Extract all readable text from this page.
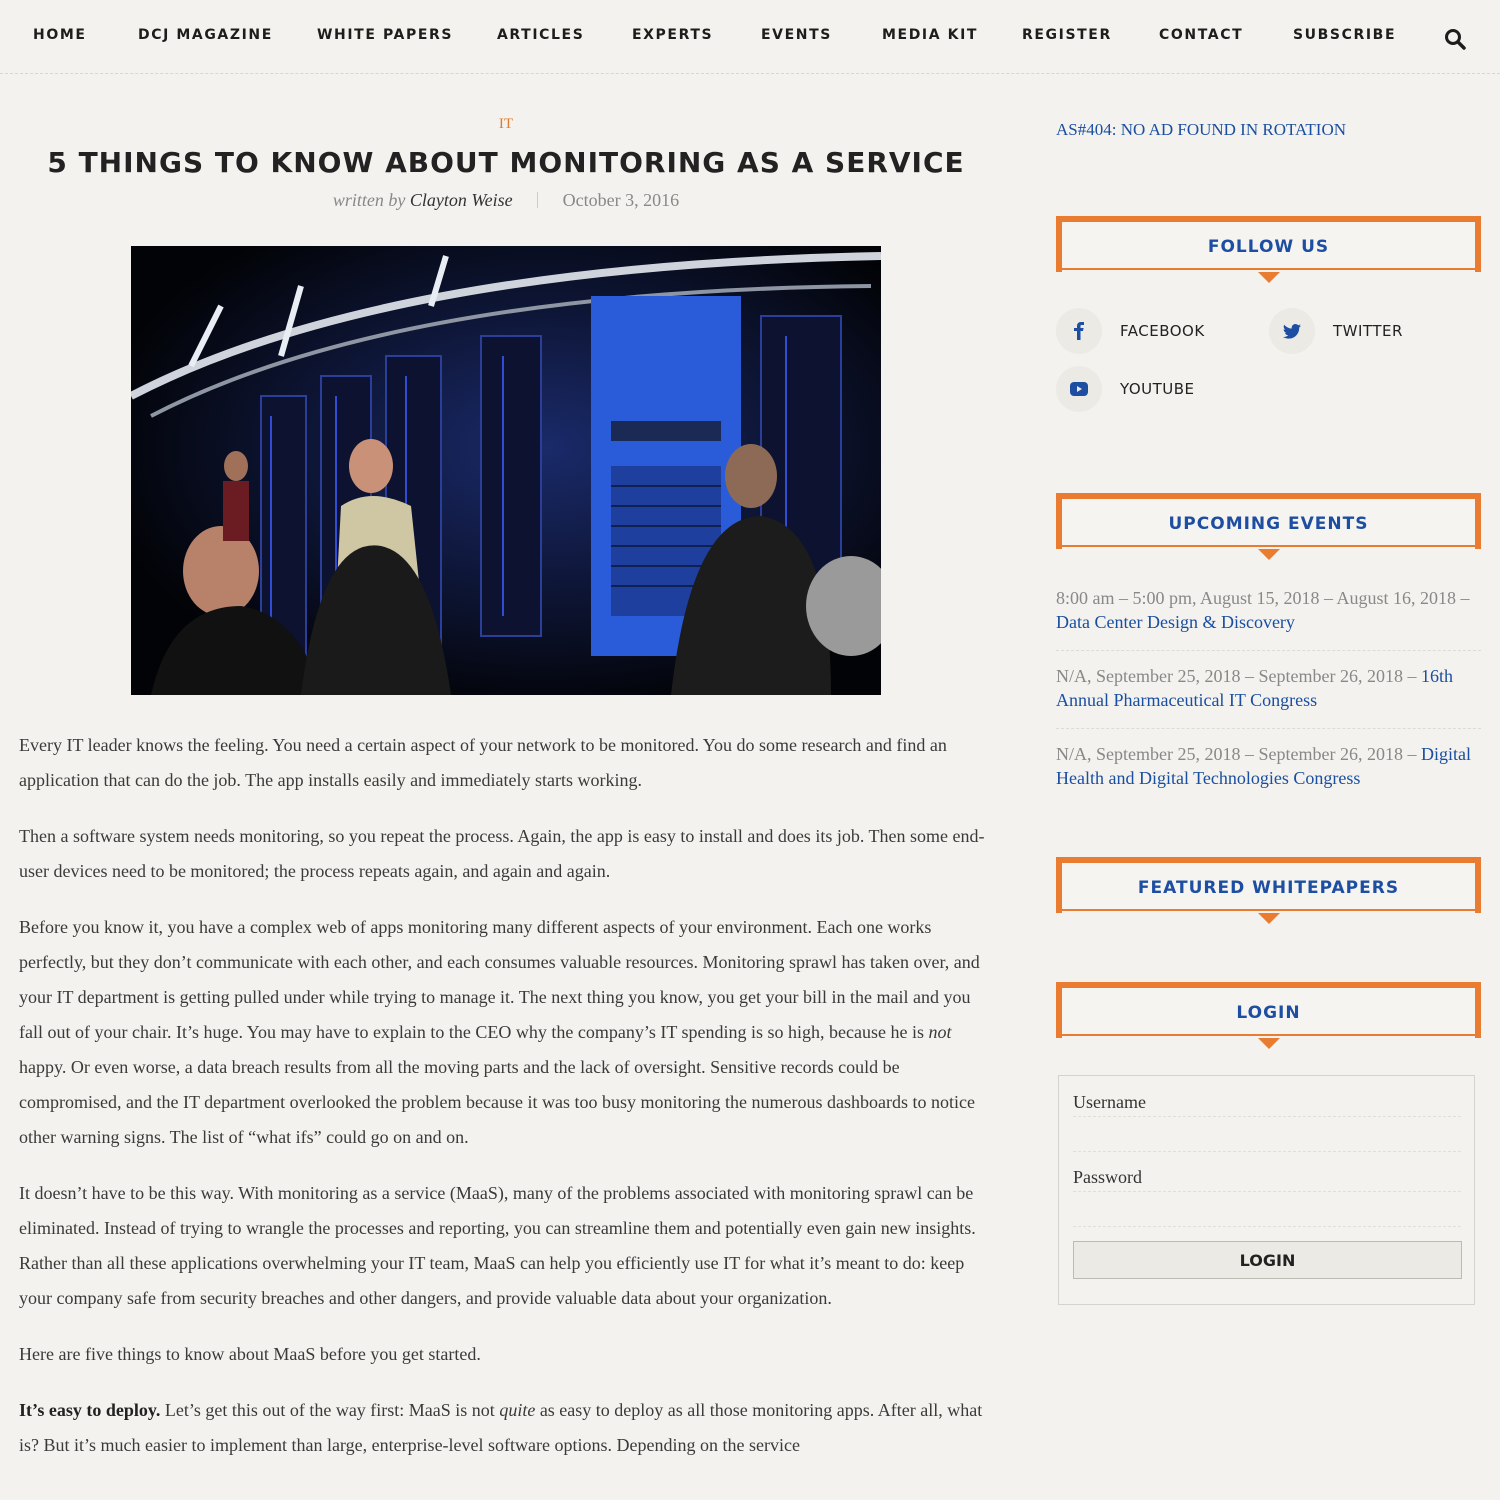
HOME	DCJ MAGAZINE	WHITE PAPERS	ARTICLES	EXPERTS	EVENTS	MEDIA KIT	REGISTER	CONTACT	SUBSCRIBE
IT
5 THINGS TO KNOW ABOUT MONITORING AS A SERVICE
written by Clayton Weise	October 3, 2016

Every IT leader knows the feeling. You need a certain aspect of your network to be monitored. You do some research and find an application that can do the job. The app installs easily and immediately starts working.

Then a software system needs monitoring, so you repeat the process. Again, the app is easy to install and does its job. Then some end-user devices need to be monitored; the process repeats again, and again and again.

Before you know it, you have a complex web of apps monitoring many different aspects of your environment. Each one works perfectly, but they don’t communicate with each other, and each consumes valuable resources. Monitoring sprawl has taken over, and your IT department is getting pulled under while trying to manage it. The next thing you know, you get your bill in the mail and you fall out of your chair. It’s huge. You may have to explain to the CEO why the company’s IT spending is so high, because he is not happy. Or even worse, a data breach results from all the moving parts and the lack of oversight. Sensitive records could be compromised, and the IT department overlooked the problem because it was too busy monitoring the numerous dashboards to notice other warning signs. The list of “what ifs” could go on and on.

It doesn’t have to be this way. With monitoring as a service (MaaS), many of the problems associated with monitoring sprawl can be eliminated. Instead of trying to wrangle the processes and reporting, you can streamline them and potentially even gain new insights. Rather than all these applications overwhelming your IT team, MaaS can help you efficiently use IT for what it’s meant to do: keep your company safe from security breaches and other dangers, and provide valuable data about your organization.

Here are five things to know about MaaS before you get started.

It’s easy to deploy. Let’s get this out of the way first: MaaS is not quite as easy to deploy as all those monitoring apps. After all, what is? But it’s much easier to implement than large, enterprise-level software options. Depending on the service

AS#404: NO AD FOUND IN ROTATION
FOLLOW US
FACEBOOK	TWITTER
YOUTUBE
UPCOMING EVENTS
8:00 am – 5:00 pm, August 15, 2018 – August 16, 2018 – Data Center Design & Discovery
N/A, September 25, 2018 – September 26, 2018 – 16th Annual Pharmaceutical IT Congress
N/A, September 25, 2018 – September 26, 2018 – Digital Health and Digital Technologies Congress
FEATURED WHITEPAPERS
LOGIN
Username
Password
LOGIN
